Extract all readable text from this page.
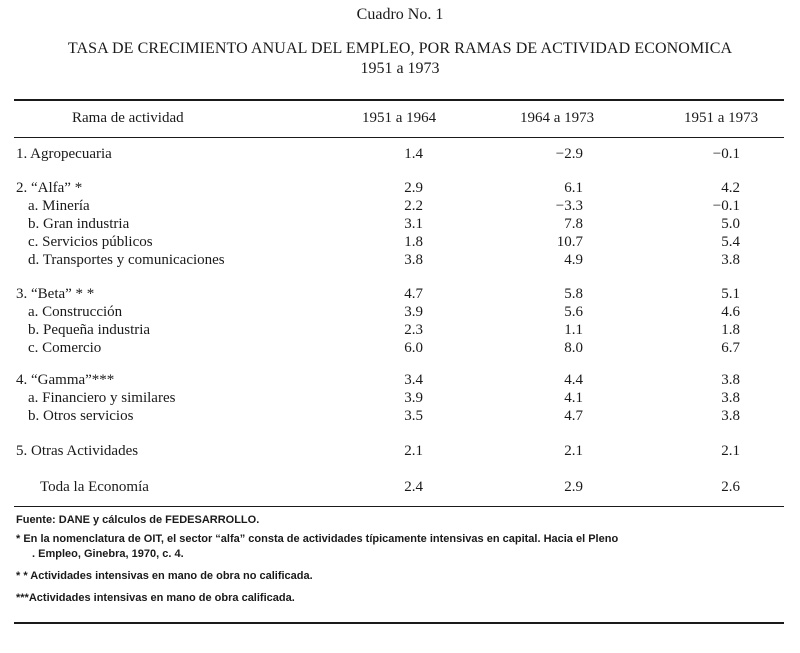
Cuadro No. 1
TASA DE CRECIMIENTO ANUAL DEL EMPLEO, POR RAMAS DE ACTIVIDAD ECONOMICA
1951 a 1973
Rama de actividad	1951 a 1964	1964 a 1973	1951 a 1973
1. Agropecuaria	1.4	−2.9	−0.1
2. “Alfa” *	2.9	6.1	4.2
a. Minería	2.2	−3.3	−0.1
b. Gran industria	3.1	7.8	5.0
c. Servicios públicos	1.8	10.7	5.4
d. Transportes y comunicaciones	3.8	4.9	3.8
3. “Beta” * *	4.7	5.8	5.1
a. Construcción	3.9	5.6	4.6
b. Pequeña industria	2.3	1.1	1.8
c. Comercio	6.0	8.0	6.7
4. “Gamma”***	3.4	4.4	3.8
a. Financiero y similares	3.9	4.1	3.8
b. Otros servicios	3.5	4.7	3.8
5. Otras Actividades	2.1	2.1	2.1
Toda la Economía	2.4	2.9	2.6
Fuente: DANE y cálculos de FEDESARROLLO.
* En la nomenclatura de OIT, el sector “alfa” consta de actividades típicamente intensivas en capital. Hacia el Pleno
. Empleo, Ginebra, 1970, c. 4.
* * Actividades intensivas en mano de obra no calificada.
***Actividades intensivas en mano de obra calificada.
